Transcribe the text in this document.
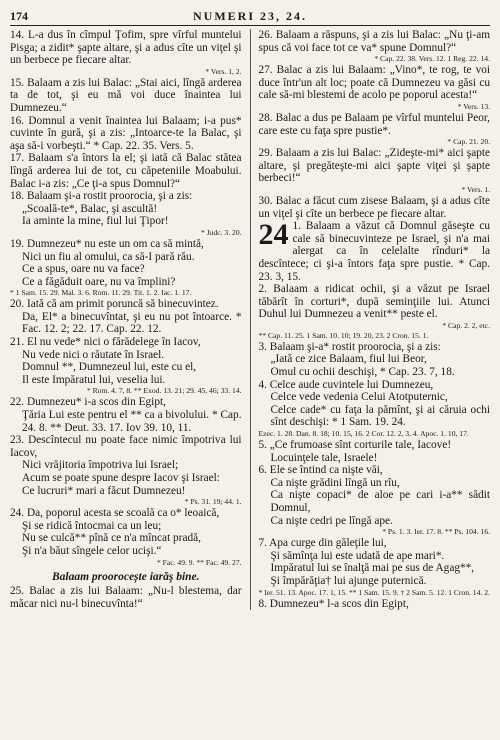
174	NUMERI 23, 24.
14. L-a dus în cîmpul Ţofim, spre vîrful muntelui Pisga; a zidit* şapte altare, şi a adus cîte un viţel şi un berbece pe fiecare altar.
* Vers. 1, 2.
15. Balaam a zis lui Balac: „Stai aici, lîngă arderea ta de tot, şi eu mă voi duce înaintea lui Dumnezeu.“
16. Domnul a venit înaintea lui Balaam; i-a pus* cuvinte în gură, şi a zis: „Intoarce-te la Balac, şi aşa să-i vorbeşti.“ * Cap. 22. 35. Vers. 5.
17. Balaam s'a întors la el; şi iată că Balac stătea lîngă arderea lui de tot, cu căpeteniile Moabului. Balac i-a zis: „Ce ţi-a spus Domnul?“
18. Balaam şi-a rostit proorocia, şi a zis:
„Scoală-te*, Balac, şi ascultă!
Ia aminte la mine, fiul lui Ţipor!
* Judc. 3. 20.
19. Dumnezeu* nu este un om ca să mintă,
Nici un fiu al omului, ca să-I pară rău.
Ce a spus, oare nu va face?
Ce a făgăduit oare, nu va împlini?
* 1 Sam. 15. 29. Mal. 3. 6. Rom. 11. 29. Tit. 1. 2. Iac. 1. 17.
20. Iată că am primit poruncă să binecuvintez.
Da, El* a binecuvîntat, şi eu nu pot întoarce. * Fac. 12. 2; 22. 17. Cap. 22. 12.
21. El nu vede* nici o fărădelege în Iacov,
Nu vede nici o răutate în Israel.
Domnul **, Dumnezeul lui, este cu el,
Il este Impăratul lui, veselia lui.
* Rom. 4. 7, 8. ** Exod. 13. 21; 29. 45, 46; 33. 14.
22. Dumnezeu* i-a scos din Egipt,
Ţăria Lui este pentru el ** ca a bivolului. * Cap. 24. 8. ** Deut. 33. 17. Iov 39. 10, 11.
23. Descîntecul nu poate face nimic împotriva lui Iacov,
Nici vrăjitoria împotriva lui Israel;
Acum se poate spune despre Iacov şi Israel:
Ce lucruri* mari a făcut Dumnezeu!
* Ps. 31. 19; 44. 1.
24. Da, poporul acesta se scoală ca o* leoaică,
Şi se ridică întocmai ca un leu;
Nu se culcă** pînă ce n'a mîncat pradă,
Şi n'a băut sîngele celor ucişi.“
* Fac. 49. 9. ** Fac. 49. 27.
Balaam proorocește iarăş bine.
25. Balac a zis lui Balaam: „Nu-l blestema, dar măcar nici nu-l binecuvînta!“
26. Balaam a răspuns, şi a zis lui Balac: „Nu ţi-am spus că voi face tot ce va* spune Domnul?“
* Cap. 22. 38. Vers. 12. 1 Reg. 22. 14.
27. Balac a zis lui Balaam: „Vino*, te rog, te voi duce într'un alt loc; poate că Dumnezeu va găsi cu cale să-mi blestemi de acolo pe poporul acesta!“
* Vers. 13.
28. Balac a dus pe Balaam pe vîrful muntelui Peor, care este cu faţa spre pustie*.
* Cap. 21. 20.
29. Balaam a zis lui Balac: „Zideşte-mi* aici şapte altare, şi pregăteşte-mi aici şapte viţei şi şapte berbeci!“
* Vers. 1.
30. Balac a făcut cum zisese Balaam, şi a adus cîte un viţel şi cîte un berbece pe fiecare altar.
24 1. Balaam a văzut că Domnul găseşte cu cale să binecuvinteze pe Israel, şi n'a mai alergat ca în celelalte rînduri* la descîntece; ci şi-a întors faţa spre pustie. * Cap. 23. 3, 15.
2. Balaam a ridicat ochii, şi a văzut pe Israel tăbărît în corturi*, după seminţiile lui. Atunci Duhul lui Dumnezeu a venit** peste el.
* Cap. 2. 2, etc.
** Cap. 11. 25. 1 Sam. 10. 10; 19. 20, 23. 2 Cron. 15. 1.
3. Balaam şi-a* rostit proorocia, şi a zis:
„Iată ce zice Balaam, fiul lui Beor,
Omul cu ochii deschişi, * Cap. 23. 7, 18.
4. Celce aude cuvintele lui Dumnezeu,
Celce vede vedenia Celui Atotputernic,
Celce cade* cu faţa la pămînt, şi ai căruia ochi sînt deschişi: * 1 Sam. 19. 24.
Ezec. 1. 28. Dan. 8. 18; 10. 15, 16. 2 Cor. 12. 2, 3, 4. Apoc. 1. 10, 17.
5. „Ce frumoase sînt corturile tale, Iacove!
Locuinţele tale, Israele!
6. Ele se întind ca nişte văi,
Ca nişte grădini lîngă un rîu,
Ca nişte copaci* de aloe pe cari i-a** sădit Domnul,
Ca nişte cedri pe lîngă ape.
* Ps. 1. 3. Ier. 17. 8. ** Ps. 104. 16.
7. Apa curge din găleţile lui,
Şi sămînţa lui este udată de ape mari*.
Impăratul lui se înalţă mai pe sus de Agag**,
Şi împărăţia† lui ajunge puternică.
* Ier. 51. 13. Apoc. 17. 1, 15. ** 1 Sam. 15. 9. † 2 Sam. 5. 12. 1 Cron. 14. 2.
8. Dumnezeu* l-a scos din Egipt,
